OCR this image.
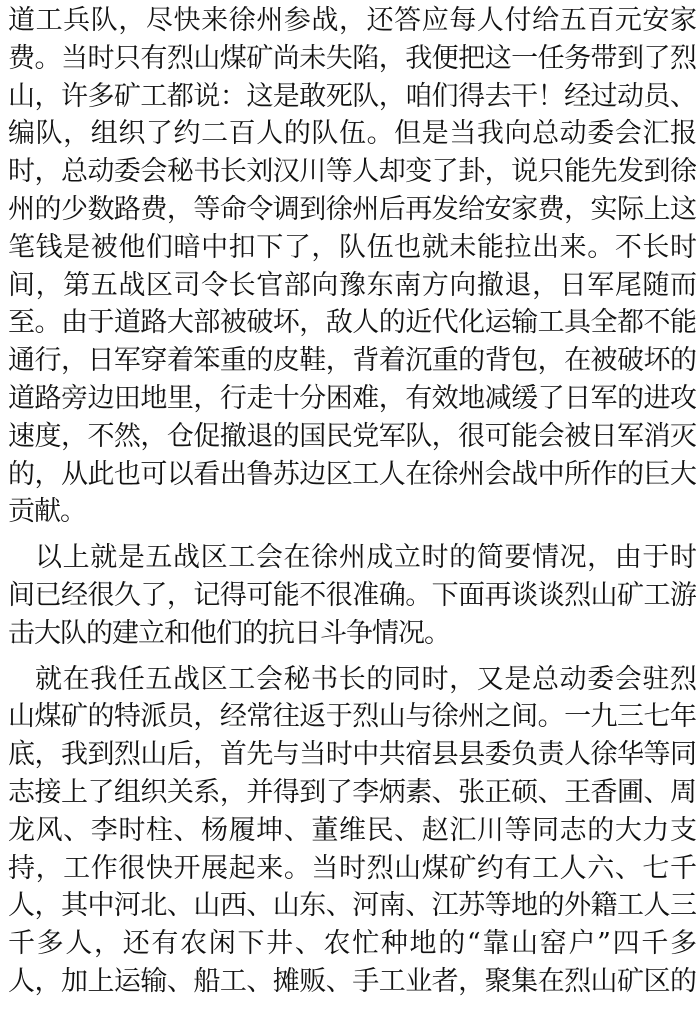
道工兵队，尽快来徐州参战，还答应每人付给五百元安家
费。当时只有烈山煤矿尚未失陷，我便把这一任务带到了烈
山，许多矿工都说：这是敢死队，咱们得去干！经过动员、
编队，组织了约二百人的队伍。但是当我向总动委会汇报
时，总动委会秘书长刘汉川等人却变了卦，说只能先发到徐
州的少数路费，等命令调到徐州后再发给安家费，实际上这
笔钱是被他们暗中扣下了，队伍也就未能拉出来。不长时
间，第五战区司令长官部向豫东南方向撤退，日军尾随而
至。由于道路大部被破坏，敌人的近代化运输工具全都不能
通行，日军穿着笨重的皮鞋，背着沉重的背包，在被破坏的
道路旁边田地里，行走十分困难，有效地减缓了日军的进攻
速度，不然，仓促撤退的国民党军队，很可能会被日军消灭
的，从此也可以看出鲁苏边区工人在徐州会战中所作的巨大
贡献。
以上就是五战区工会在徐州成立时的简要情况，由于时
间已经很久了，记得可能不很准确。下面再谈谈烈山矿工游
击大队的建立和他们的抗日斗争情况。
就在我任五战区工会秘书长的同时，又是总动委会驻烈
山煤矿的特派员，经常往返于烈山与徐州之间。一九三七年
底，我到烈山后，首先与当时中共宿县县委负责人徐华等同
志接上了组织关系，并得到了李炳素、张正硕、王香圃、周
龙风、李时柱、杨履坤、董维民、赵汇川等同志的大力支
持，工作很快开展起来。当时烈山煤矿约有工人六、七千
人，其中河北、山西、山东、河南、江苏等地的外籍工人三
千多人，还有农闲下井、农忙种地的“靠山窑户”四千多
人，加上运输、船工、摊贩、手工业者，聚集在烈山矿区的
